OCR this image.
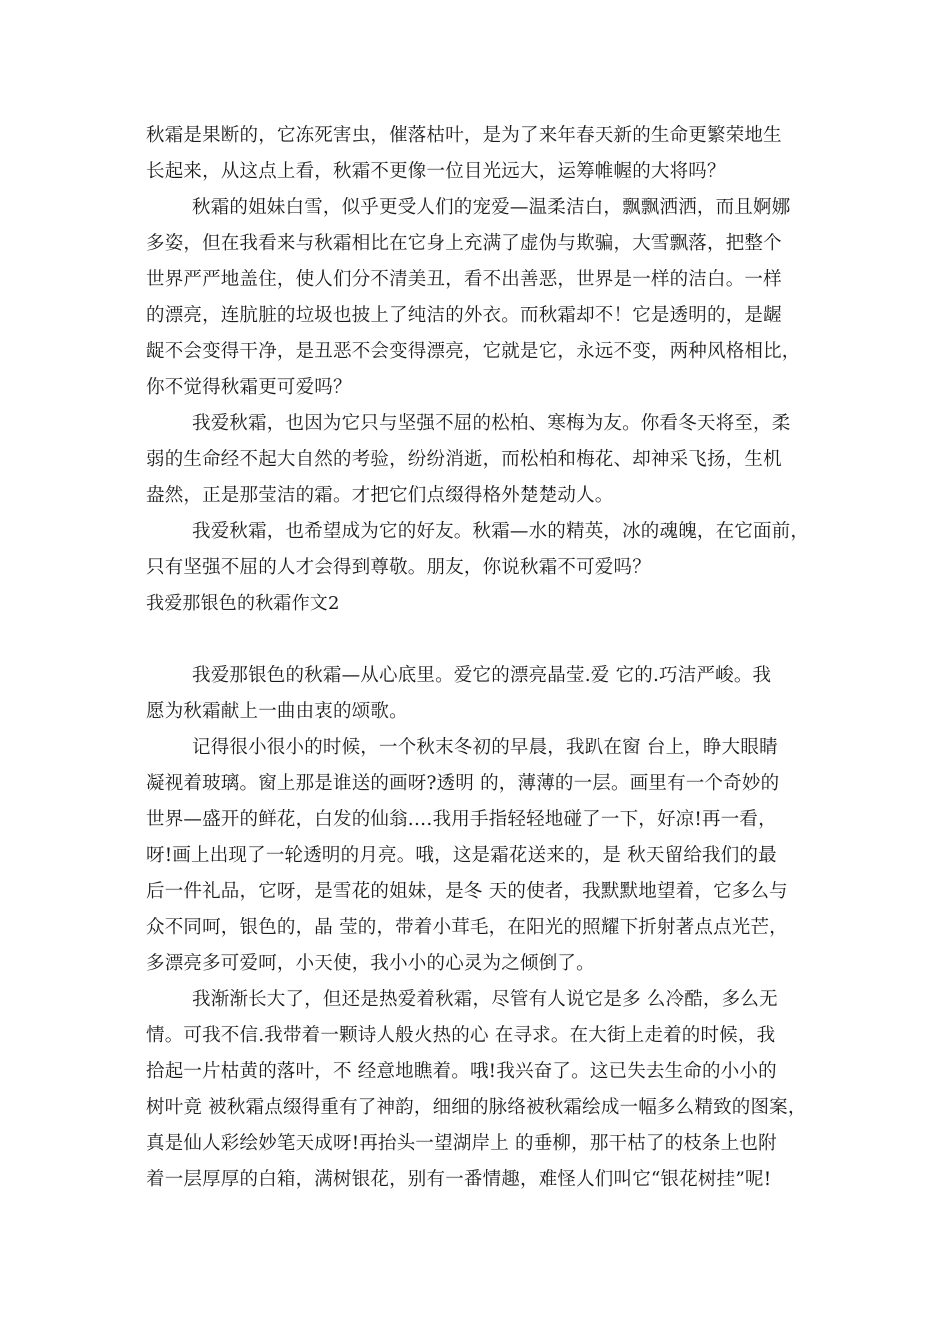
秋霜是果断的，它冻死害虫，催落枯叶，是为了来年春天新的生命更繁荣地生
长起来，从这点上看，秋霜不更像一位目光远大，运筹帷幄的大将吗？
秋霜的姐妹白雪，似乎更受人们的宠爱—温柔洁白，飘飘洒洒，而且婀娜
多姿，但在我看来与秋霜相比在它身上充满了虚伪与欺骗，大雪飘落，把整个
世界严严地盖住，使人们分不清美丑，看不出善恶，世界是一样的洁白。一样
的漂亮，连肮脏的垃圾也披上了纯洁的外衣。而秋霜却不！它是透明的，是龌
龊不会变得干净，是丑恶不会变得漂亮，它就是它，永远不变，两种风格相比，
你不觉得秋霜更可爱吗？
我爱秋霜，也因为它只与坚强不屈的松柏、寒梅为友。你看冬天将至，柔
弱的生命经不起大自然的考验，纷纷消逝，而松柏和梅花、却神采飞扬，生机
盎然，正是那莹洁的霜。才把它们点缀得格外楚楚动人。
我爱秋霜，也希望成为它的好友。秋霜—水的精英，冰的魂魄，在它面前，
只有坚强不屈的人才会得到尊敬。朋友，你说秋霜不可爱吗？
我爱那银色的秋霜作文2
我爱那银色的秋霜—从心底里。爱它的漂亮晶莹.爱 它的.巧洁严峻。我
愿为秋霜献上一曲由衷的颂歌。
记得很小很小的时候，一个秋末冬初的早晨，我趴在窗 台上，睁大眼睛
凝视着玻璃。窗上那是谁送的画呀?透明 的，薄薄的一层。画里有一个奇妙的
世界—盛开的鲜花，白发的仙翁.…我用手指轻轻地碰了一下，好凉!再一看，
呀!画上出现了一轮透明的月亮。哦，这是霜花送来的，是 秋天留给我们的最
后一件礼品，它呀，是雪花的姐妹，是冬 天的使者，我默默地望着，它多么与
众不同呵，银色的，晶 莹的，带着小茸毛，在阳光的照耀下折射著点点光芒，
多漂亮多可爱呵，小天使，我小小的心灵为之倾倒了。
我渐渐长大了，但还是热爱着秋霜，尽管有人说它是多 么冷酷，多么无
情。可我不信.我带着一颗诗人般火热的心 在寻求。在大街上走着的时候，我
拾起一片枯黄的落叶，不 经意地瞧着。哦!我兴奋了。这已失去生命的小小的
树叶竟 被秋霜点缀得重有了神韵，细细的脉络被秋霜绘成一幅多么精致的图案，
真是仙人彩绘妙笔天成呀!再抬头一望湖岸上 的垂柳，那干枯了的枝条上也附
着一层厚厚的白箱，满树银花，别有一番情趣，难怪人们叫它“银花树挂”呢!
